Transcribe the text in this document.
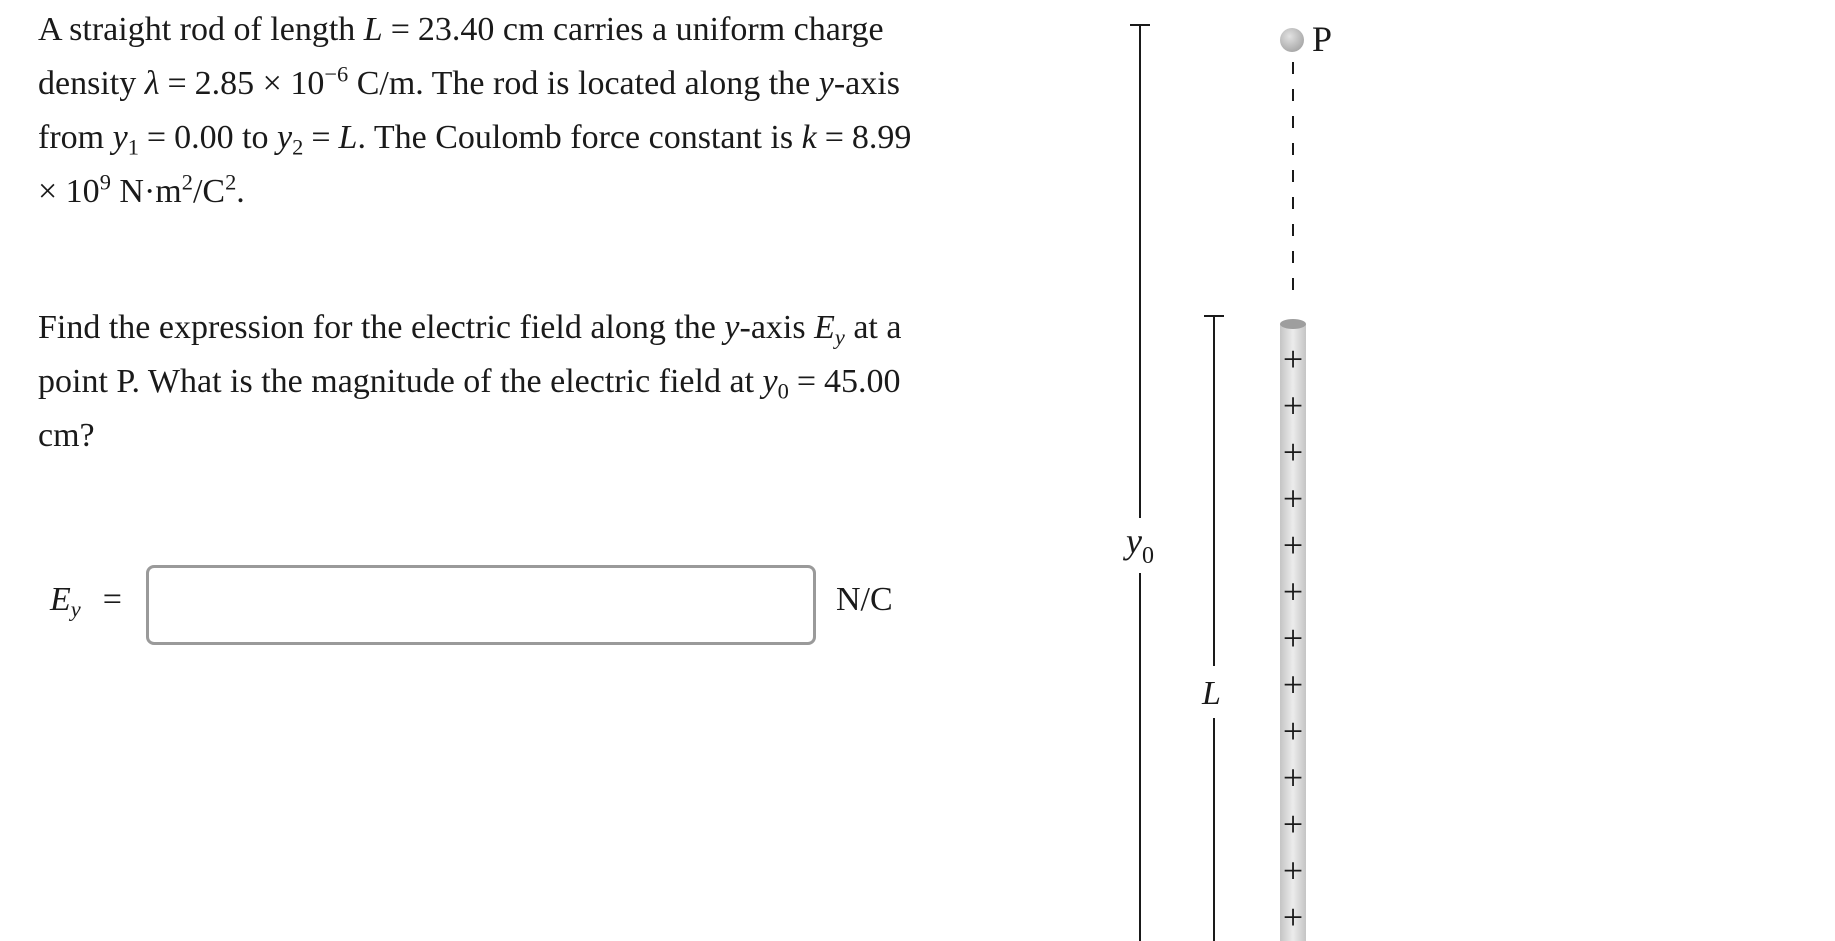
A straight rod of length L = 23.40 cm carries a uniform charge density $\lambda = 2.85 \times 10^{-6}$ C/m. The rod is located along the y-axis from $y_1 = 0.00$ to $y_2 = L$. The Coulomb force constant is $k = 8.99 \times 10^9$ $N\cdot m^2/C^2$.

Find the expression for the electric field along the y-axis $E_y$ at a point P. What is the magnitude of the electric field at $y_0 = 45.00$ cm?

$E_y$ =	N/C
$y_0$
L
P
+
+
+
+
+
+
+
+
+
+
+
+
+
